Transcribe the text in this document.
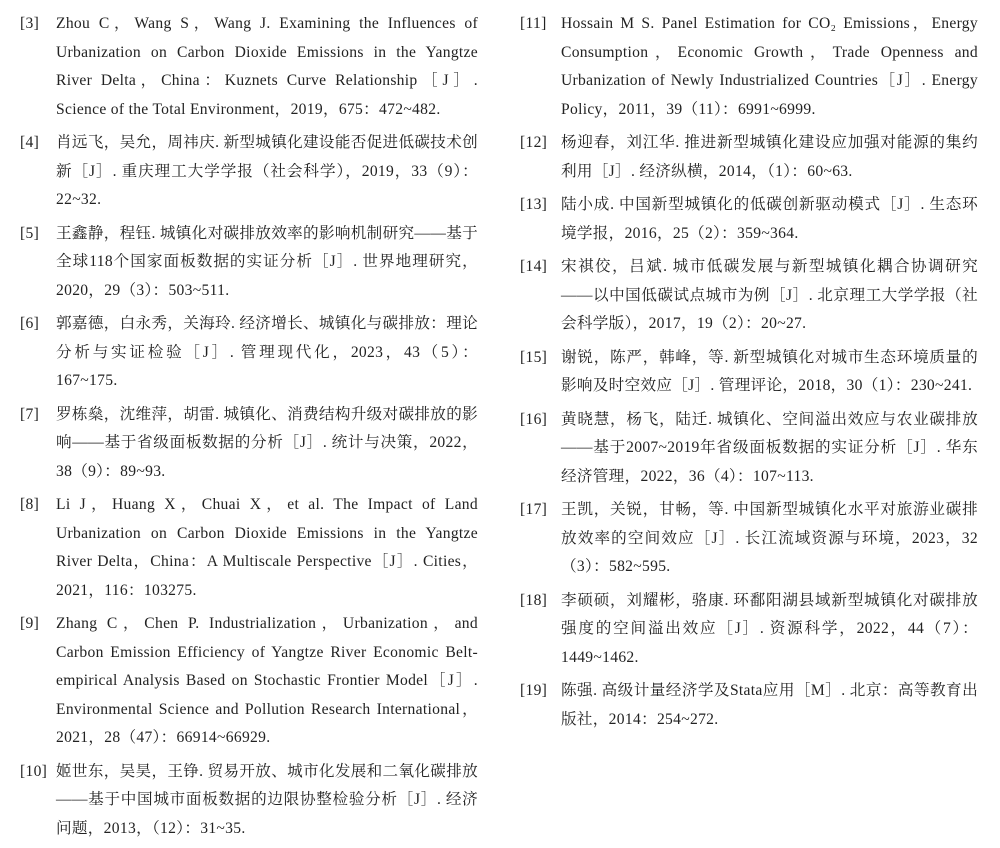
[3] Zhou C，Wang S，Wang J. Examining the Influences of Urbanization on Carbon Dioxide Emissions in the Yangtze River Delta，China：Kuznets Curve Relationship［J］. Science of the Total Environment，2019，675：472~482.
[4] 肖远飞，吴允，周祎庆. 新型城镇化建设能否促进低碳技术创新［J］. 重庆理工大学学报（社会科学），2019，33（9）：22~32.
[5] 王鑫静，程钰. 城镇化对碳排放效率的影响机制研究——基于全球118个国家面板数据的实证分析［J］. 世界地理研究，2020，29（3）：503~511.
[6] 郭嘉德，白永秀，关海玲. 经济增长、城镇化与碳排放：理论分析与实证检验［J］. 管理现代化，2023，43（5）：167~175.
[7] 罗栋燊，沈维萍，胡雷. 城镇化、消费结构升级对碳排放的影响——基于省级面板数据的分析［J］. 统计与决策，2022，38（9）：89~93.
[8] Li J，Huang X，Chuai X，et al. The Impact of Land Urbanization on Carbon Dioxide Emissions in the Yangtze River Delta，China：A Multiscale Perspective［J］. Cities，2021，116：103275.
[9] Zhang C，Chen P. Industrialization，Urbanization，and Carbon Emission Efficiency of Yangtze River Economic Belt-empirical Analysis Based on Stochastic Frontier Model［J］. Environmental Science and Pollution Research International，2021，28（47）：66914~66929.
[10] 姬世东，吴昊，王铮. 贸易开放、城市化发展和二氧化碳排放——基于中国城市面板数据的边限协整检验分析［J］. 经济问题，2013，（12）：31~35.
[11] Hossain M S. Panel Estimation for CO₂ Emissions，Energy Consumption，Economic Growth，Trade Openness and Urbanization of Newly Industrialized Countries［J］. Energy Policy，2011，39（11）：6991~6999.
[12] 杨迎春，刘江华. 推进新型城镇化建设应加强对能源的集约利用［J］. 经济纵横，2014，（1）：60~63.
[13] 陆小成. 中国新型城镇化的低碳创新驱动模式［J］. 生态环境学报，2016，25（2）：359~364.
[14] 宋祺佼，吕斌. 城市低碳发展与新型城镇化耦合协调研究——以中国低碳试点城市为例［J］. 北京理工大学学报（社会科学版），2017，19（2）：20~27.
[15] 谢锐，陈严，韩峰，等. 新型城镇化对城市生态环境质量的影响及时空效应［J］. 管理评论，2018，30（1）：230~241.
[16] 黄晓慧，杨飞，陆迁. 城镇化、空间溢出效应与农业碳排放——基于2007~2019年省级面板数据的实证分析［J］. 华东经济管理，2022，36（4）：107~113.
[17] 王凯，关锐，甘畅，等. 中国新型城镇化水平对旅游业碳排放效率的空间效应［J］. 长江流域资源与环境，2023，32（3）：582~595.
[18] 李硕硕，刘耀彬，骆康. 环鄱阳湖县域新型城镇化对碳排放强度的空间溢出效应［J］. 资源科学，2022，44（7）：1449~1462.
[19] 陈强. 高级计量经济学及Stata应用［M］. 北京：高等教育出版社，2014：254~272.
